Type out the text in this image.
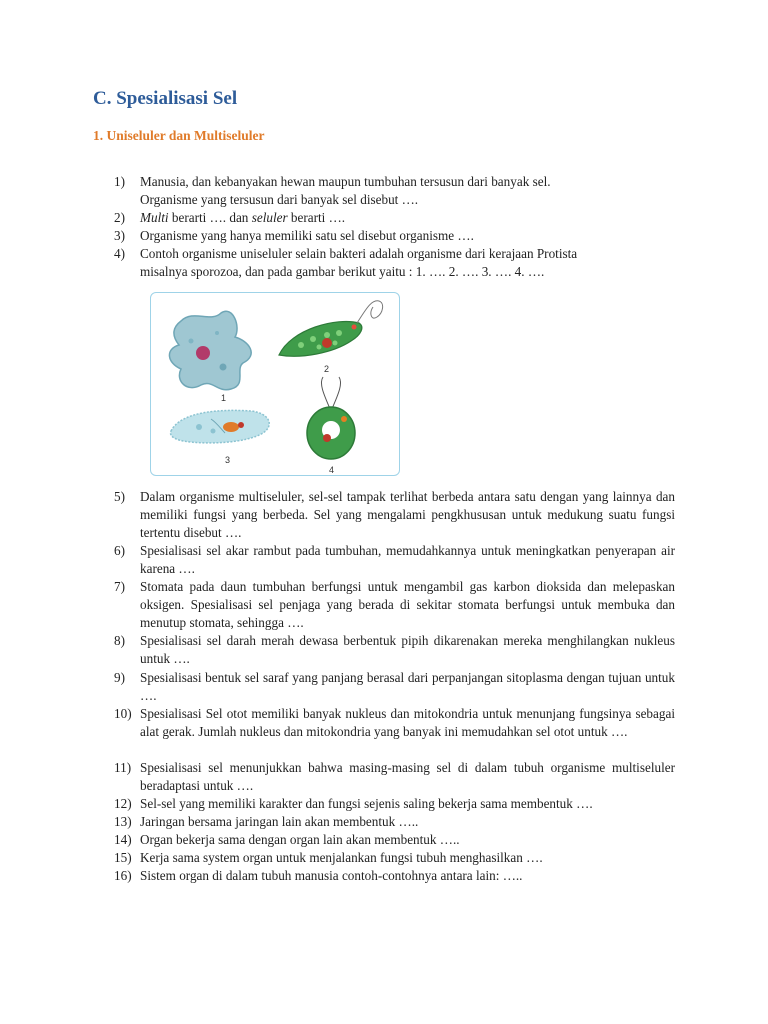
C. Spesialisasi Sel
1. Uniseluler dan Multiseluler
1)	Manusia, dan kebanyakan hewan maupun tumbuhan tersusun dari banyak sel.
Organisme yang tersusun dari banyak sel disebut ….
2)	Multi berarti …. dan seluler berarti ….
3)	Organisme yang hanya memiliki satu sel disebut organisme ….
4)	Contoh organisme uniseluler selain bakteri adalah organisme dari kerajaan Protista
misalnya sporozoa, dan pada gambar berikut yaitu : 1. …. 2. …. 3. …. 4. ….
1
2
3
4
5)	Dalam organisme multiseluler, sel-sel tampak terlihat berbeda antara satu dengan yang lainnya dan memiliki fungsi yang berbeda. Sel yang mengalami pengkhususan untuk medukung suatu fungsi tertentu disebut ….
6)	Spesialisasi sel akar rambut pada tumbuhan, memudahkannya untuk meningkatkan penyerapan air karena ….
7)	Stomata pada daun tumbuhan berfungsi untuk mengambil gas karbon dioksida dan melepaskan oksigen. Spesialisasi sel penjaga yang berada di sekitar stomata berfungsi untuk membuka dan menutup stomata, sehingga ….
8)	Spesialisasi sel darah merah dewasa berbentuk pipih dikarenakan mereka menghilangkan nukleus untuk ….
9)	Spesialisasi bentuk sel saraf yang panjang berasal dari perpanjangan sitoplasma dengan tujuan untuk ….
10) Spesialisasi Sel otot memiliki banyak nukleus dan mitokondria untuk menunjang fungsinya sebagai alat gerak. Jumlah nukleus dan mitokondria yang banyak ini memudahkan sel otot untuk ….
11) Spesialisasi sel menunjukkan bahwa masing-masing sel di dalam tubuh organisme multiseluler beradaptasi untuk ….
12) Sel-sel yang memiliki karakter dan fungsi sejenis saling bekerja sama membentuk ….
13) Jaringan bersama jaringan lain akan membentuk …..
14) Organ bekerja sama dengan organ lain akan membentuk …..
15) Kerja sama system organ untuk menjalankan fungsi tubuh menghasilkan ….
16) Sistem organ di dalam tubuh manusia contoh-contohnya antara lain: …..
